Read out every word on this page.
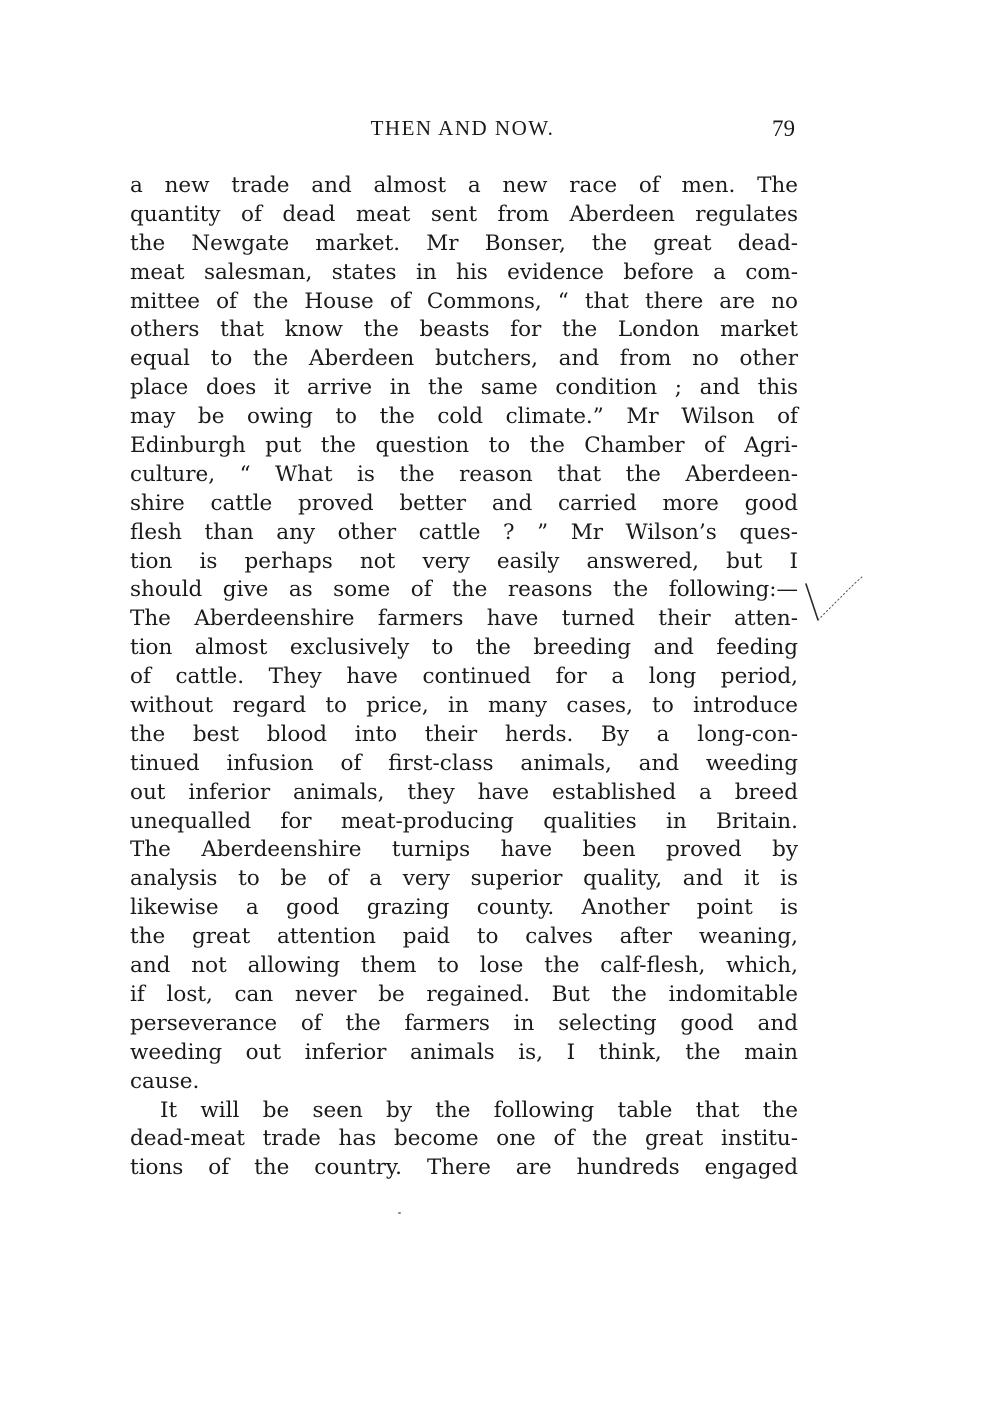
THEN AND NOW.	79
a new trade and almost a new race of men. The
quantity of dead meat sent from Aberdeen regulates
the Newgate market. Mr Bonser, the great dead-
meat salesman, states in his evidence before a com-
mittee of the House of Commons, “ that there are no
others that know the beasts for the London market
equal to the Aberdeen butchers, and from no other
place does it arrive in the same condition ; and this
may be owing to the cold climate.” Mr Wilson of
Edinburgh put the question to the Chamber of Agri-
culture, “ What is the reason that the Aberdeen-
shire cattle proved better and carried more good
flesh than any other cattle ? ” Mr Wilson’s ques-
tion is perhaps not very easily answered, but I
should give as some of the reasons the following:—
The Aberdeenshire farmers have turned their atten-
tion almost exclusively to the breeding and feeding
of cattle. They have continued for a long period,
without regard to price, in many cases, to introduce
the best blood into their herds. By a long-con-
tinued infusion of first-class animals, and weeding
out inferior animals, they have established a breed
unequalled for meat-producing qualities in Britain.
The Aberdeenshire turnips have been proved by
analysis to be of a very superior quality, and it is
likewise a good grazing county. Another point is
the great attention paid to calves after weaning,
and not allowing them to lose the calf-flesh, which,
if lost, can never be regained. But the indomitable
perseverance of the farmers in selecting good and
weeding out inferior animals is, I think, the main
cause.
It will be seen by the following table that the
dead-meat trade has become one of the great institu-
tions of the country. There are hundreds engaged
